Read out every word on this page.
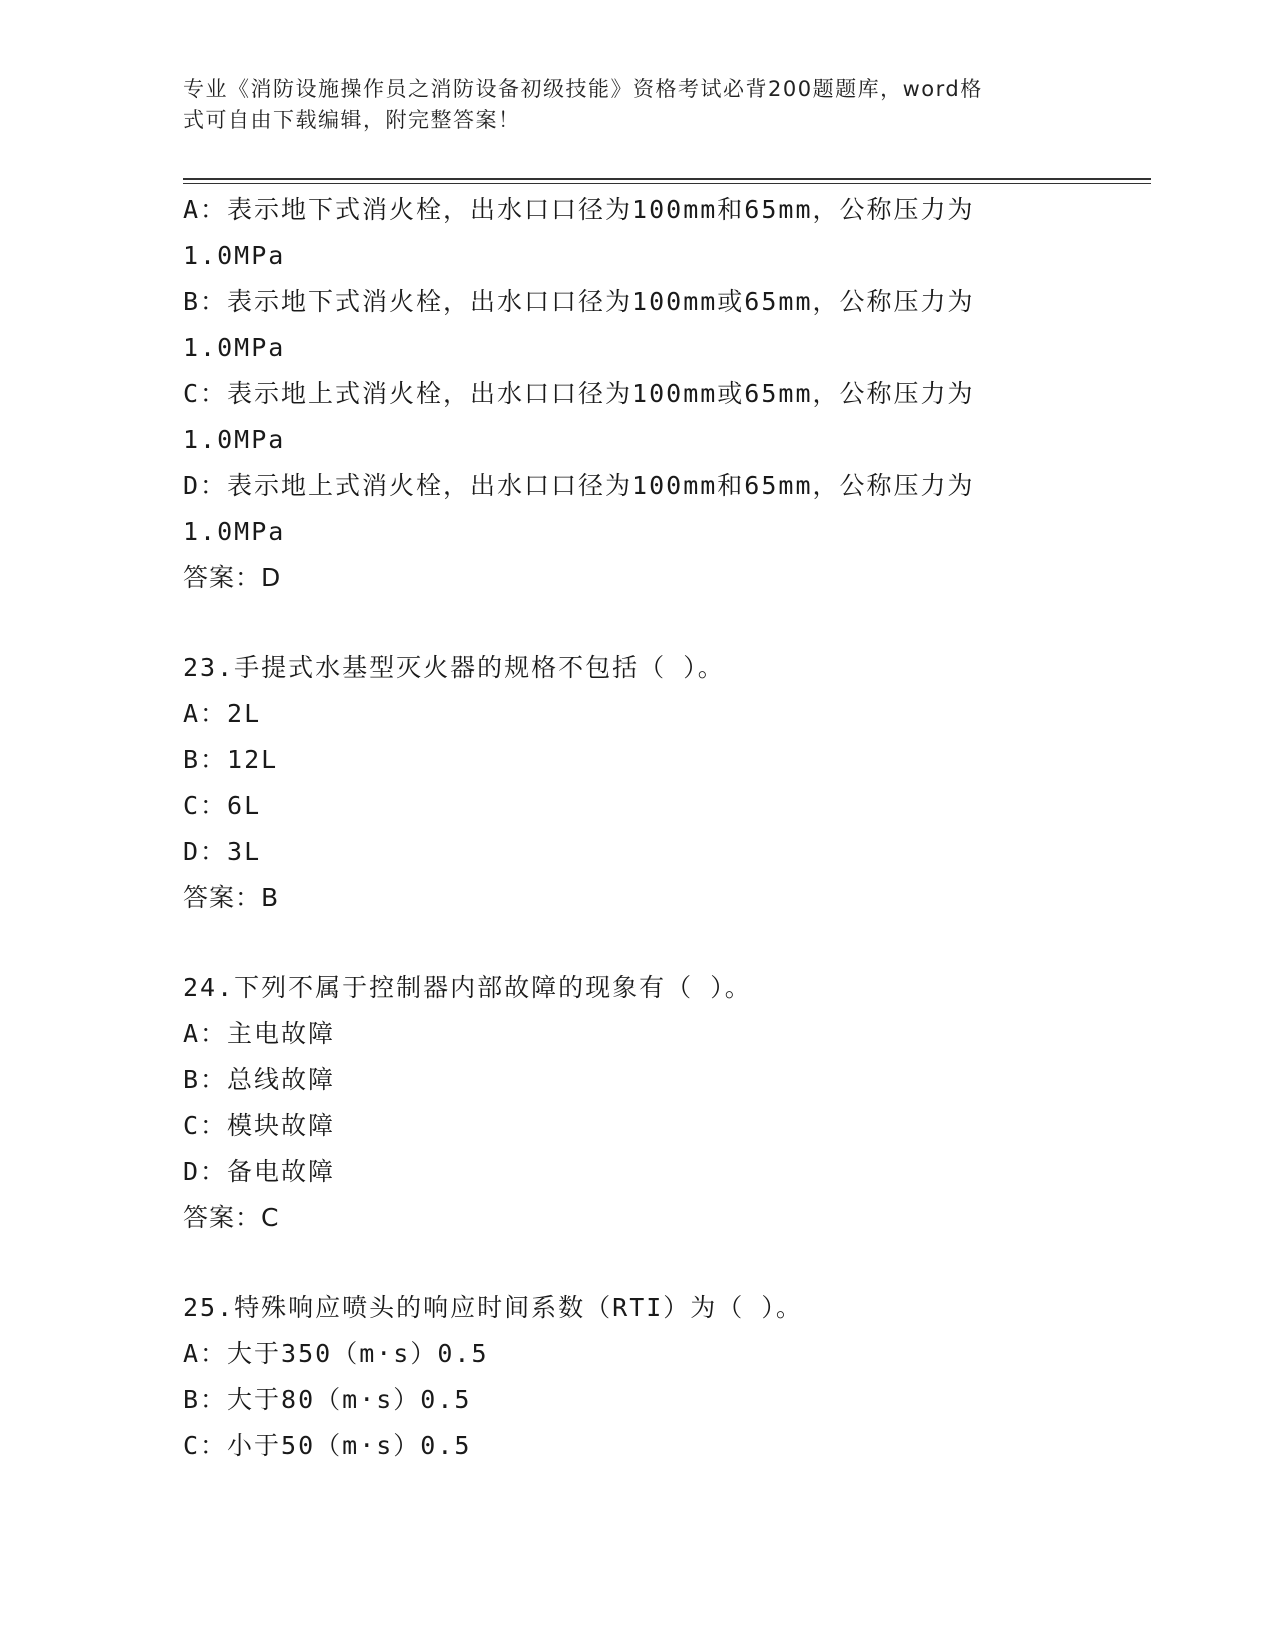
专业《消防设施操作员之消防设备初级技能》资格考试必背200题题库，word格
式可自由下载编辑，附完整答案！
A：表示地下式消火栓，出水口口径为100mm和65mm，公称压力为
1.0MPa
B：表示地下式消火栓，出水口口径为100mm或65mm，公称压力为
1.0MPa
C：表示地上式消火栓，出水口口径为100mm或65mm，公称压力为
1.0MPa
D：表示地上式消火栓，出水口口径为100mm和65mm，公称压力为
1.0MPa
答案：D
23.手提式水基型灭火器的规格不包括（ ）。
A：2L
B：12L
C：6L
D：3L
答案：B
24.下列不属于控制器内部故障的现象有（ ）。
A：主电故障
B：总线故障
C：模块故障
D：备电故障
答案：C
25.特殊响应喷头的响应时间系数（RTI）为（ ）。
A：大于350（m·s）0.5
B：大于80（m·s）0.5
C：小于50（m·s）0.5
